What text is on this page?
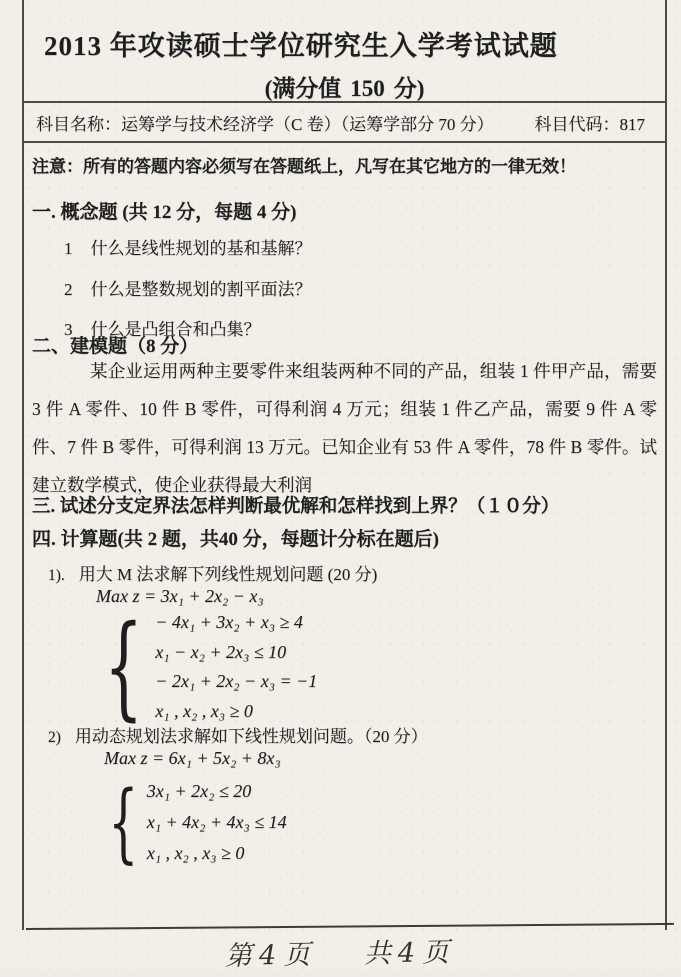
2013 年攻读硕士学位研究生入学考试试题
(满分值 150 分)
科目名称： 运筹学与技术经济学（C 卷）（运筹学部分 70 分） 科目代码：817
注意：所有的答题内容必须写在答题纸上，凡写在其它地方的一律无效！
一. 概念题 (共 12 分，每题 4 分)
1 什么是线性规划的基和基解？
2 什么是整数规划的割平面法？
3 什么是凸组合和凸集？
二、建模题（8 分）
某企业运用两种主要零件来组装两种不同的产品，组装 1 件甲产品，需要 3 件 A 零件、10 件 B 零件，可得利润 4 万元；组装 1 件乙产品，需要 9 件 A 零件、7 件 B 零件，可得利润 13 万元。已知企业有 53 件 A 零件，78 件 B 零件。试建立数学模式，使企业获得最大利润
三. 试述分支定界法怎样判断最优解和怎样找到上界？（１０分）
四. 计算题(共 2 题，共40 分，每题计分标在题后)
1). 用大 M 法求解下列线性规划问题 (20 分)
Max z = 3x₁ + 2x₂ − x₃
{ − 4x₁ + 3x₂ + x₃ ≥ 4
x₁ − x₂ + 2x₃ ≤ 10
− 2x₁ + 2x₂ − x₃ = −1
x₁ , x₂ , x₃ ≥ 0
2) 用动态规划法求解如下线性规划问题。（20 分）
Max z = 6x₁ + 5x₂ + 8x₃
{ 3x₁ + 2x₂ ≤ 20
x₁ + 4x₂ + 4x₃ ≤ 14
x₁ , x₂ , x₃ ≥ 0
第4页   共4页
